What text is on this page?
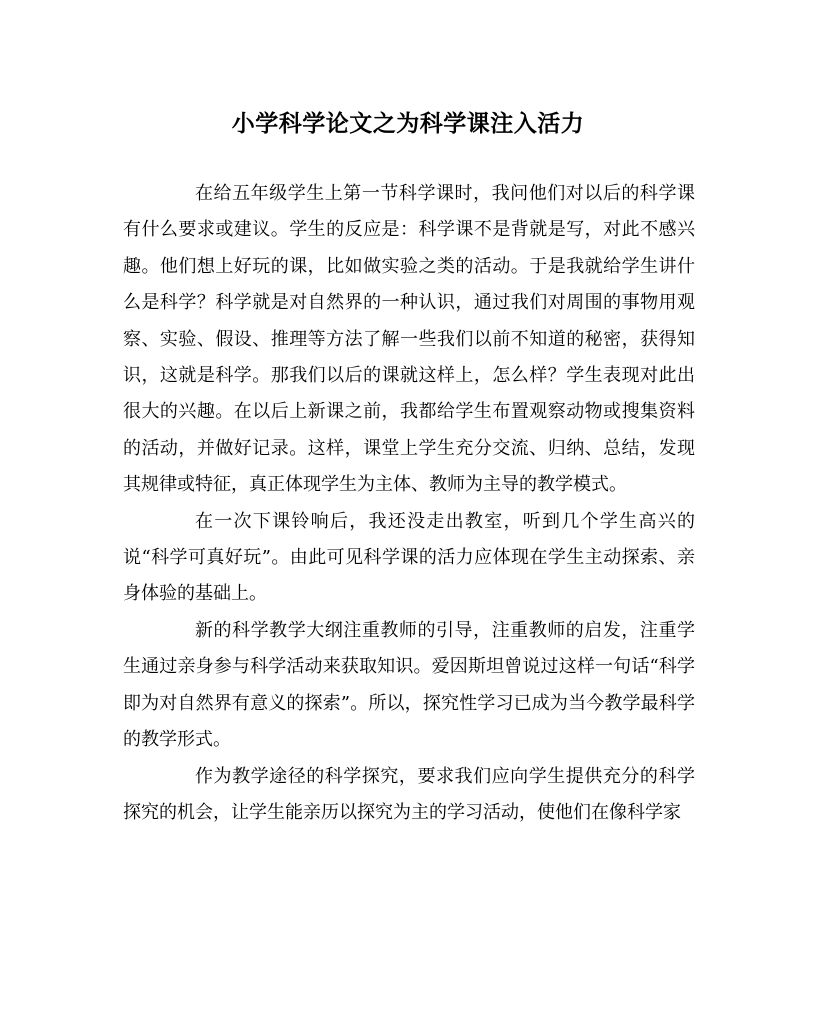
小学科学论文之为科学课注入活力

在给五年级学生上第一节科学课时，我问他们对以后的科学课有什么要求或建议。学生的反应是：科学课不是背就是写，对此不感兴趣。他们想上好玩的课，比如做实验之类的活动。于是我就给学生讲什么是科学？科学就是对自然界的一种认识，通过我们对周围的事物用观察、实验、假设、推理等方法了解一些我们以前不知道的秘密，获得知识，这就是科学。那我们以后的课就这样上，怎么样？学生表现对此出很大的兴趣。在以后上新课之前，我都给学生布置观察动物或搜集资料的活动，并做好记录。这样，课堂上学生充分交流、归纳、总结，发现其规律或特征，真正体现学生为主体、教师为主导的教学模式。

在一次下课铃响后，我还没走出教室，听到几个学生高兴的说“科学可真好玩”。由此可见科学课的活力应体现在学生主动探索、亲身体验的基础上。

新的科学教学大纲注重教师的引导，注重教师的启发，注重学生通过亲身参与科学活动来获取知识。爱因斯坦曾说过这样一句话“科学即为对自然界有意义的探索”。所以，探究性学习已成为当今教学最科学的教学形式。

作为教学途径的科学探究，要求我们应向学生提供充分的科学探究的机会，让学生能亲历以探究为主的学习活动，使他们在像科学家
